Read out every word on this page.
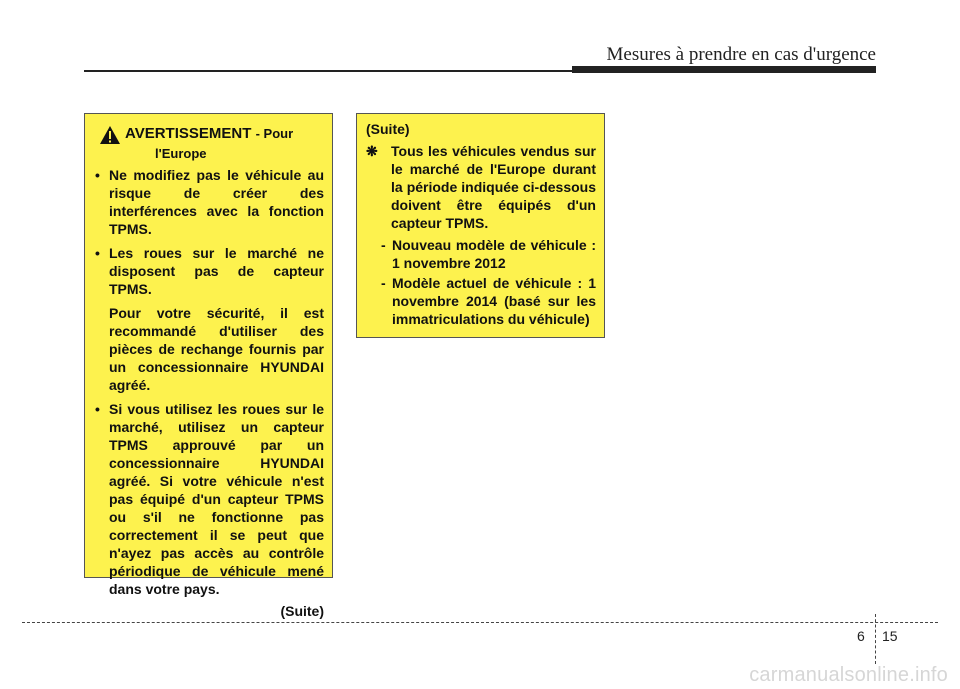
Mesures à prendre en cas d'urgence
AVERTISSEMENT - Pour
l'Europe

• Ne modifiez pas le véhicule au risque de créer des interférences avec la fonction TPMS.

• Les roues sur le marché ne disposent pas de capteur TPMS.

Pour votre sécurité, il est recommandé d'utiliser des pièces de rechange fournis par un concessionnaire HYUNDAI agréé.

• Si vous utilisez les roues sur le marché, utilisez un capteur TPMS approuvé par un concessionnaire HYUNDAI agréé. Si votre véhicule n'est pas équipé d'un capteur TPMS ou s'il ne fonctionne pas correctement il se peut que n'ayez pas accès au contrôle périodique de véhicule mené dans votre pays.

(Suite)
(Suite)
❋ Tous les véhicules vendus sur le marché de l'Europe durant la période indiquée ci-dessous doivent être équipés d'un capteur TPMS.
- Nouveau modèle de véhicule : 1 novembre 2012
- Modèle actuel de véhicule : 1 novembre 2014 (basé sur les immatriculations du véhicule)
6 15
carmanualsonline.info
